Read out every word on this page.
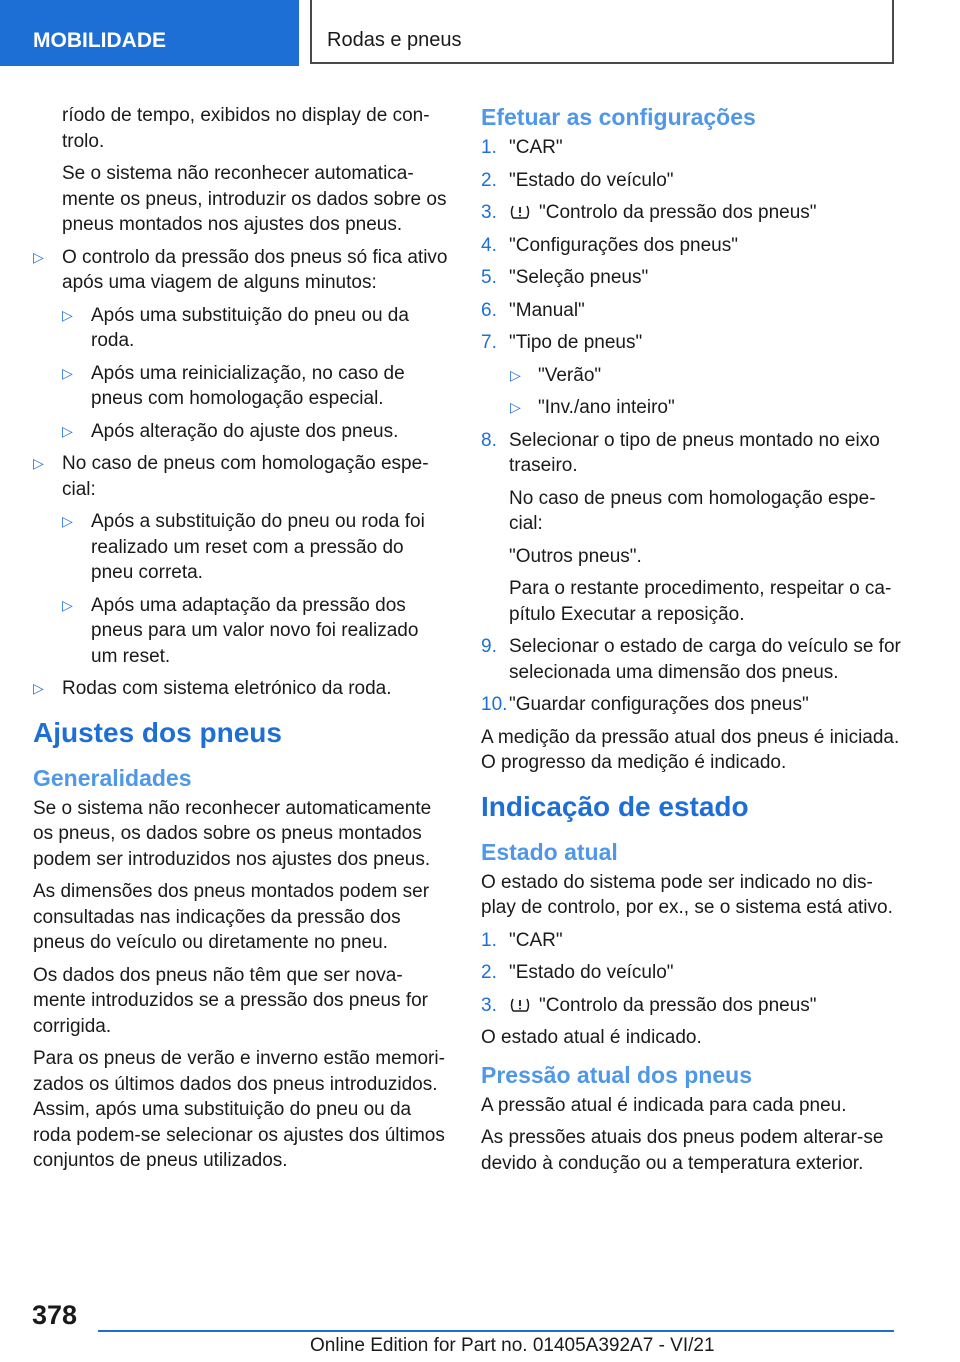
MOBILIDADE	Rodas e pneus

ríodo de tempo, exibidos no display de controlo.

Se o sistema não reconhecer automaticamente os pneus, introduzir os dados sobre os pneus montados nos ajustes dos pneus.

▷ O controlo da pressão dos pneus só fica ativo após uma viagem de alguns minutos:
▷ Após uma substituição do pneu ou da roda.
▷ Após uma reinicialização, no caso de pneus com homologação especial.
▷ Após alteração do ajuste dos pneus.
▷ No caso de pneus com homologação especial:
▷ Após a substituição do pneu ou roda foi realizado um reset com a pressão do pneu correta.
▷ Após uma adaptação da pressão dos pneus para um valor novo foi realizado um reset.
▷ Rodas com sistema eletrónico da roda.
Ajustes dos pneus
Generalidades

Se o sistema não reconhecer automaticamente os pneus, os dados sobre os pneus montados podem ser introduzidos nos ajustes dos pneus.

As dimensões dos pneus montados podem ser consultadas nas indicações da pressão dos pneus do veículo ou diretamente no pneu.

Os dados dos pneus não têm que ser novamente introduzidos se a pressão dos pneus for corrigida.

Para os pneus de verão e inverno estão memorizados os últimos dados dos pneus introduzidos. Assim, após uma substituição do pneu ou da roda podem-se selecionar os ajustes dos últimos conjuntos de pneus utilizados.

Efetuar as configurações
1. "CAR"
2. "Estado do veículo"
3. "Controlo da pressão dos pneus"
4. "Configurações dos pneus"
5. "Seleção pneus"
6. "Manual"
7. "Tipo de pneus"
▷ "Verão"
▷ "Inv./ano inteiro"
8. Selecionar o tipo de pneus montado no eixo traseiro.
No caso de pneus com homologação especial:
"Outros pneus".
Para o restante procedimento, respeitar o capítulo Executar a reposição.
9. Selecionar o estado de carga do veículo se for selecionada uma dimensão dos pneus.
10. "Guardar configurações dos pneus"

A medição da pressão atual dos pneus é iniciada. O progresso da medição é indicado.

Indicação de estado
Estado atual

O estado do sistema pode ser indicado no display de controlo, por ex., se o sistema está ativo.

1. "CAR"
2. "Estado do veículo"
3. "Controlo da pressão dos pneus"

O estado atual é indicado.

Pressão atual dos pneus

A pressão atual é indicada para cada pneu.

As pressões atuais dos pneus podem alterar-se devido à condução ou a temperatura exterior.

378
Online Edition for Part no. 01405A392A7 - VI/21
